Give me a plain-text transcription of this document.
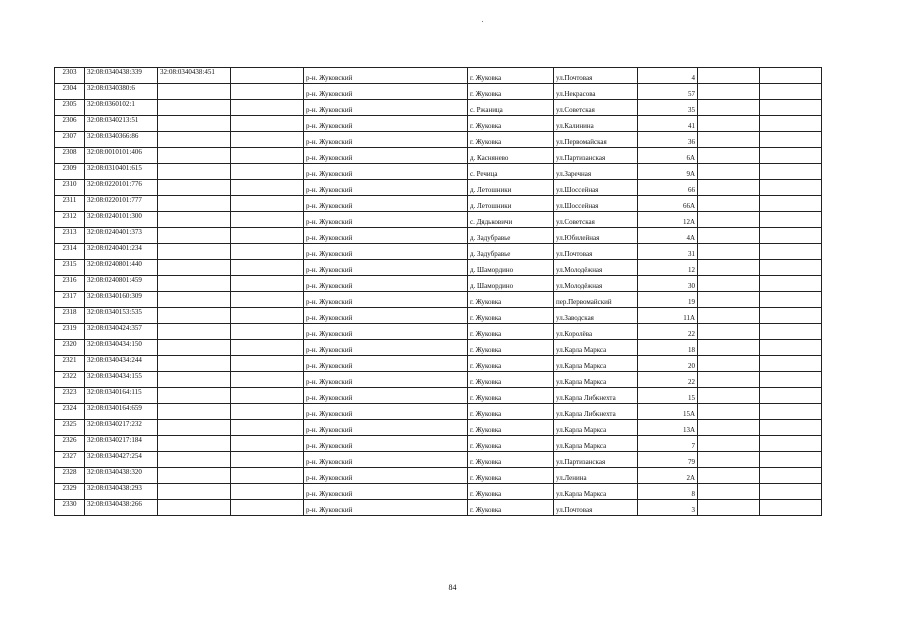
2303	32:08:0340438:339	32:08:0340438:451		р-н. Жуковский	г. Жуковка	ул.Почтовая	4		
2304	32:08:0340380:6			р-н. Жуковский	г. Жуковка	ул.Некрасова	57		
2305	32:08:0360102:1			р-н. Жуковский	с. Ржаница	ул.Советская	35		
2306	32:08:0340213:51			р-н. Жуковский	г. Жуковка	ул.Калинина	41		
2307	32:08:0340366:86			р-н. Жуковский	г. Жуковка	ул.Первомайская	36		
2308	32:08:0010101:406			р-н. Жуковский	д. Каснянево	ул.Партизанская	6А		
2309	32:08:0310401:615			р-н. Жуковский	с. Речица	ул.Заречная	9А		
2310	32:08:0220101:776			р-н. Жуковский	д. Летошники	ул.Шоссейная	66		
2311	32:08:0220101:777			р-н. Жуковский	д. Летошники	ул.Шоссейная	66А		
2312	32:08:0240101:300			р-н. Жуковский	с. Дядьковичи	ул.Советская	12А		
2313	32:08:0240401:373			р-н. Жуковский	д. Задубравье	ул.Юбилейная	4А		
2314	32:08:0240401:234			р-н. Жуковский	д. Задубравье	ул.Почтовая	31		
2315	32:08:0240801:440			р-н. Жуковский	д. Шамордино	ул.Молодёжная	12		
2316	32:08:0240801:459			р-н. Жуковский	д. Шамордино	ул.Молодёжная	30		
2317	32:08:0340160:309			р-н. Жуковский	г. Жуковка	пер.Первомайский	19		
2318	32:08:0340153:535			р-н. Жуковский	г. Жуковка	ул.Заводская	11А		
2319	32:08:0340424:357			р-н. Жуковский	г. Жуковка	ул.Королёва	22		
2320	32:08:0340434:150			р-н. Жуковский	г. Жуковка	ул.Карла Маркса	18		
2321	32:08:0340434:244			р-н. Жуковский	г. Жуковка	ул.Карла Маркса	20		
2322	32:08:0340434:155			р-н. Жуковский	г. Жуковка	ул.Карла Маркса	22		
2323	32:08:0340164:115			р-н. Жуковский	г. Жуковка	ул.Карла Либкнехта	15		
2324	32:08:0340164:659			р-н. Жуковский	г. Жуковка	ул.Карла Либкнехта	15А		
2325	32:08:0340217:232			р-н. Жуковский	г. Жуковка	ул.Карла Маркса	13А		
2326	32:08:0340217:184			р-н. Жуковский	г. Жуковка	ул.Карла Маркса	7		
2327	32:08:0340427:254			р-н. Жуковский	г. Жуковка	ул.Партизанская	79		
2328	32:08:0340438:320			р-н. Жуковский	г. Жуковка	ул.Ленина	2А		
2329	32:08:0340438:293			р-н. Жуковский	г. Жуковка	ул.Карла Маркса	8		
2330	32:08:0340438:266			р-н. Жуковский	г. Жуковка	ул.Почтовая	3		
84
